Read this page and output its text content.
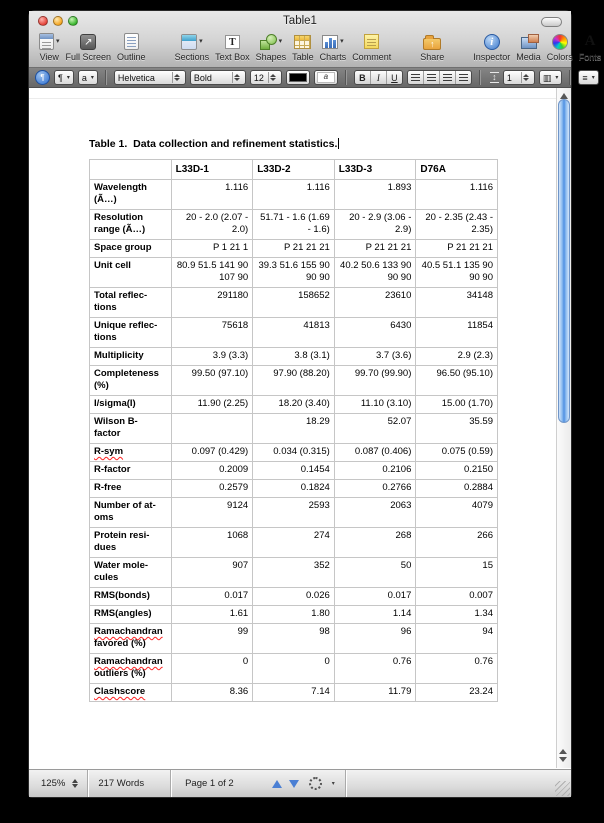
Table1
▾
View
↗ Full Screen Outline
▾
Sections
T Text Box
▾
Shapes Table
▾
Charts Comment
↑	Share
i	Inspector Media Colors
A Fonts
¶
¶ ▾ a ▾	Helvetica	Bold	12 a	B	I	U ↕	1	▥ ▾	≡ ▾
Table 1.  Data collection and refinement statistics.
	L33D-1	L33D-2	L33D-3	D76A

Wavelength
(Ã…)	1.116	1.116	1.893	1.116

Resolution
range (Ã…)	20 - 2.0 (2.07 - 2.0)	51.71 - 1.6 (1.69 - 1.6)	20 - 2.9 (3.06 - 2.9)	20 - 2.35 (2.43 - 2.35)

Space group	P 1 21 1	P 21 21 21	P 21 21 21	P 21 21 21

Unit cell	80.9 51.5 141 90 107 90	39.3 51.6 155 90 90 90	40.2 50.6 133 90 90 90	40.5 51.1 135 90 90 90

Total reflec-
tions	291180	158652	23610	34148

Unique reflec-
tions	75618	41813	6430	11854

Multiplicity	3.9 (3.3)	3.8 (3.1)	3.7 (3.6)	2.9 (2.3)

Completeness
(%)	99.50 (97.10)	97.90 (88.20)	99.70 (99.90)	96.50 (95.10)

I/sigma(I)	11.90 (2.25)	18.20 (3.40)	11.10 (3.10)	15.00 (1.70)

Wilson B-
factor		18.29	52.07	35.59

R-sym	0.097 (0.429)	0.034 (0.315)	0.087 (0.406)	0.075 (0.59)

R-factor	0.2009	0.1454	0.2106	0.2150

R-free	0.2579	0.1824	0.2766	0.2884

Number of at-
oms	9124	2593	2063	4079

Protein resi-
dues	1068	274	268	266

Water mole-
cules	907	352	50	15

RMS(bonds)	0.017	0.026	0.017	0.007

RMS(angles)	1.61	1.80	1.14	1.34

Ramachandran
favored (%)	99	98	96	94

Ramachandran
outliers (%)	0	0	0.76	0.76

Clashscore	8.36	7.14	11.79	23.24
125%	217 Words	Page 1 of 2	▾
